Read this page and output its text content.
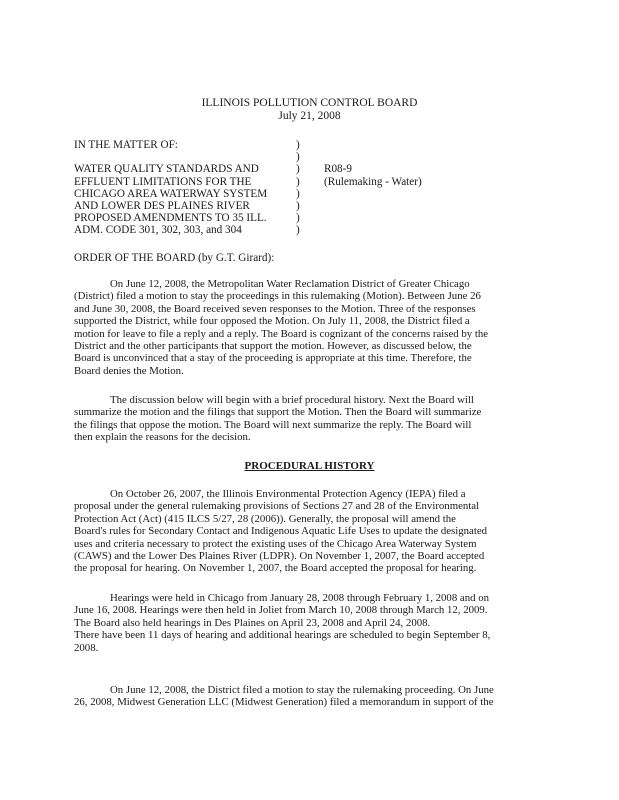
ILLINOIS POLLUTION CONTROL BOARD
July 21, 2008
IN THE MATTER OF:	)
)
WATER QUALITY STANDARDS AND	) R08-9
EFFLUENT LIMITATIONS FOR THE	) (Rulemaking - Water)
CHICAGO AREA WATERWAY SYSTEM	)
AND LOWER DES PLAINES RIVER	)
PROPOSED AMENDMENTS TO 35 ILL.	)
ADM. CODE 301, 302, 303, and 304	)
ORDER OF THE BOARD (by G.T. Girard):
On June 12, 2008, the Metropolitan Water Reclamation District of Greater Chicago
(District) filed a motion to stay the proceedings in this rulemaking (Motion). Between June 26
and June 30, 2008, the Board received seven responses to the Motion. Three of the responses
supported the District, while four opposed the Motion. On July 11, 2008, the District filed a
motion for leave to file a reply and a reply. The Board is cognizant of the concerns raised by the
District and the other participants that support the motion. However, as discussed below, the
Board is unconvinced that a stay of the proceeding is appropriate at this time. Therefore, the
Board denies the Motion.
The discussion below will begin with a brief procedural history. Next the Board will
summarize the motion and the filings that support the Motion. Then the Board will summarize
the filings that oppose the motion. The Board will next summarize the reply. The Board will
then explain the reasons for the decision.
PROCEDURAL HISTORY
On October 26, 2007, the Illinois Environmental Protection Agency (IEPA) filed a
proposal under the general rulemaking provisions of Sections 27 and 28 of the Environmental
Protection Act (Act) (415 ILCS 5/27, 28 (2006)). Generally, the proposal will amend the
Board's rules for Secondary Contact and Indigenous Aquatic Life Uses to update the designated
uses and criteria necessary to protect the existing uses of the Chicago Area Waterway System
(CAWS) and the Lower Des Plaines River (LDPR). On November 1, 2007, the Board accepted
the proposal for hearing. On November 1, 2007, the Board accepted the proposal for hearing.
Hearings were held in Chicago from January 28, 2008 through February 1, 2008 and on
June 16, 2008. Hearings were then held in Joliet from March 10, 2008 through March 12, 2009.
The Board also held hearings in Des Plaines on April 23, 2008 and April 24, 2008.
There have been 11 days of hearing and additional hearings are scheduled to begin September 8,
2008.
On June 12, 2008, the District filed a motion to stay the rulemaking proceeding. On June
26, 2008, Midwest Generation LLC (Midwest Generation) filed a memorandum in support of the
